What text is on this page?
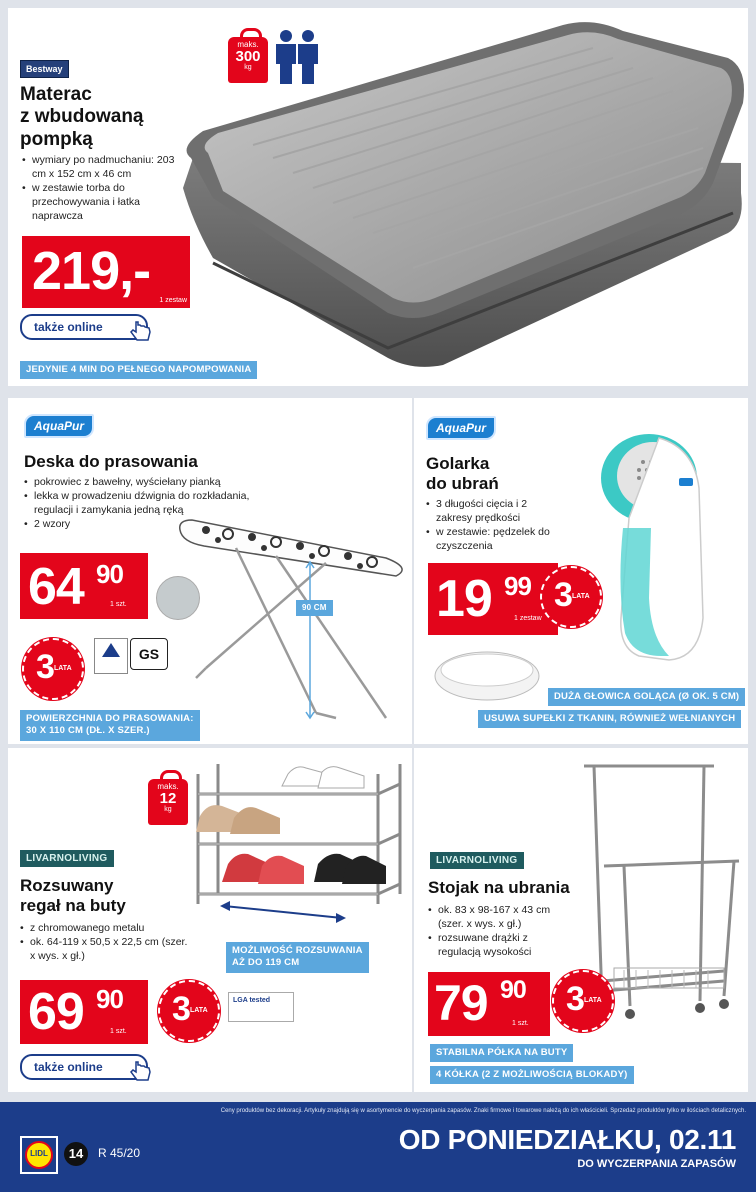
Bestway
Materac
z wbudowaną
pompką
• wymiary po nadmuchaniu: 203 cm x 152 cm x 46 cm
• w zestawie torba do przechowywania i łatka naprawcza
maks.
300
kg
219,- 1 zestaw
także online
JEDYNIE 4 MIN DO PEŁNEGO NAPOMPOWANIA
AquaPur
Deska do prasowania
• pokrowiec z bawełny, wyściełany pianką
• lekka w prowadzeniu dźwignia do rozkładania, regulacji i zamykania jedną ręką
• 2 wzory
90 CM
64 90
1 szt.
3 LATA
GS
POWIERZCHNIA DO PRASOWANIA:
30 X 110 CM (DŁ. X SZER.)
AquaPur
Golarka
do ubrań
• 3 długości cięcia i 2 zakresy prędkości
• w zestawie: pędzelek do czyszczenia
19 99
1 zestaw
3 LATA
DUŻA GŁOWICA GOLĄCA (Ø OK. 5 CM)
USUWA SUPEŁKI Z TKANIN, RÓWNIEŻ WEŁNIANYCH
LIVARNOLIVING
Rozsuwany
regał na buty
• z chromowanego metalu
• ok. 64-119 x 50,5 x 22,5 cm (szer. x wys. x gł.)
maks.
12
kg
MOŻLIWOŚĆ ROZSUWANIA
AŻ DO 119 CM
69 90
1 szt.
3 LATA
LGA tested
także online
LIVARNOLIVING
Stojak na ubrania
• ok. 83 x 98-167 x 43 cm (szer. x wys. x gł.)
• rozsuwane drążki z regulacją wysokości
79 90
1 szt.
3 LATA
STABILNA PÓŁKA NA BUTY
4 KÓŁKA (2 Z MOŻLIWOŚCIĄ BLOKADY)
Ceny produktów bez dekoracji. Artykuły znajdują się w asortymencie do wyczerpania zapasów. Znaki firmowe i towarowe należą do ich właścicieli. Sprzedaż produktów tylko w ilościach detalicznych.
LIDL	14	R 45/20	OD PONIEDZIAŁKU, 02.11
DO WYCZERPANIA ZAPASÓW
